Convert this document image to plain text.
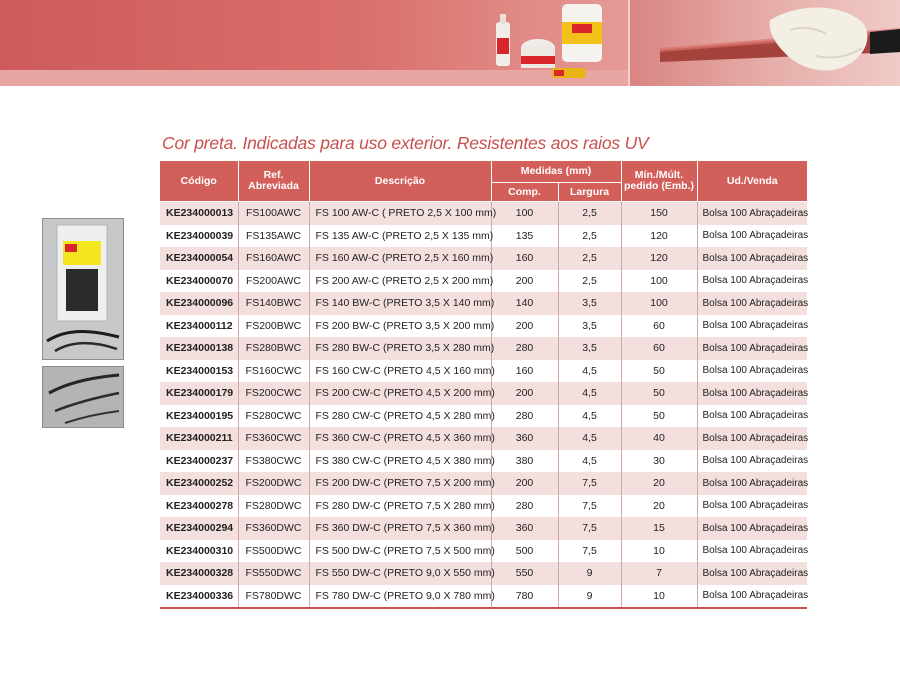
Cor preta. Indicadas para uso exterior. Resistentes aos raios UV
Código	Ref. Abreviada	Descrição	Medidas (mm)		Mín./Múlt. pedido (Emb.)	Ud./Venda
			Comp.	Largura		
KE234000013	FS100AWC	FS 100 AW-C ( PRETO 2,5 X 100 mm)	100	2,5	150	Bolsa 100 Abraçadeiras
KE234000039	FS135AWC	FS 135 AW-C (PRETO 2,5 X 135 mm)	135	2,5	120	Bolsa 100 Abraçadeiras
KE234000054	FS160AWC	FS 160 AW-C (PRETO 2,5 X 160 mm)	160	2,5	120	Bolsa 100 Abraçadeiras
KE234000070	FS200AWC	FS 200 AW-C (PRETO 2,5 X 200 mm)	200	2,5	100	Bolsa 100 Abraçadeiras
KE234000096	FS140BWC	FS 140 BW-C (PRETO 3,5 X 140 mm)	140	3,5	100	Bolsa 100 Abraçadeiras
KE234000112	FS200BWC	FS 200 BW-C (PRETO 3,5 X 200 mm)	200	3,5	60	Bolsa 100 Abraçadeiras
KE234000138	FS280BWC	FS 280 BW-C (PRETO 3,5 X 280 mm)	280	3,5	60	Bolsa 100 Abraçadeiras
KE234000153	FS160CWC	FS 160 CW-C (PRETO 4,5 X 160 mm)	160	4,5	50	Bolsa 100 Abraçadeiras
KE234000179	FS200CWC	FS 200 CW-C (PRETO 4,5 X 200 mm)	200	4,5	50	Bolsa 100 Abraçadeiras
KE234000195	FS280CWC	FS 280 CW-C (PRETO 4,5 X 280 mm)	280	4,5	50	Bolsa 100 Abraçadeiras
KE234000211	FS360CWC	FS 360 CW-C (PRETO 4,5 X 360 mm)	360	4,5	40	Bolsa 100 Abraçadeiras
KE234000237	FS380CWC	FS 380 CW-C (PRETO 4,5 X 380 mm)	380	4,5	30	Bolsa 100 Abraçadeiras
KE234000252	FS200DWC	FS 200 DW-C (PRETO 7,5 X 200 mm)	200	7,5	20	Bolsa 100 Abraçadeiras
KE234000278	FS280DWC	FS 280 DW-C (PRETO 7,5 X 280 mm)	280	7,5	20	Bolsa 100 Abraçadeiras
KE234000294	FS360DWC	FS 360 DW-C (PRETO 7,5 X 360 mm)	360	7,5	15	Bolsa 100 Abraçadeiras
KE234000310	FS500DWC	FS 500 DW-C (PRETO 7,5 X 500 mm)	500	7,5	10	Bolsa 100 Abraçadeiras
KE234000328	FS550DWC	FS 550 DW-C (PRETO 9,0 X 550 mm)	550	9	7	Bolsa 100 Abraçadeiras
KE234000336	FS780DWC	FS 780 DW-C (PRETO 9,0 X 780 mm)	780	9	10	Bolsa 100 Abraçadeiras
